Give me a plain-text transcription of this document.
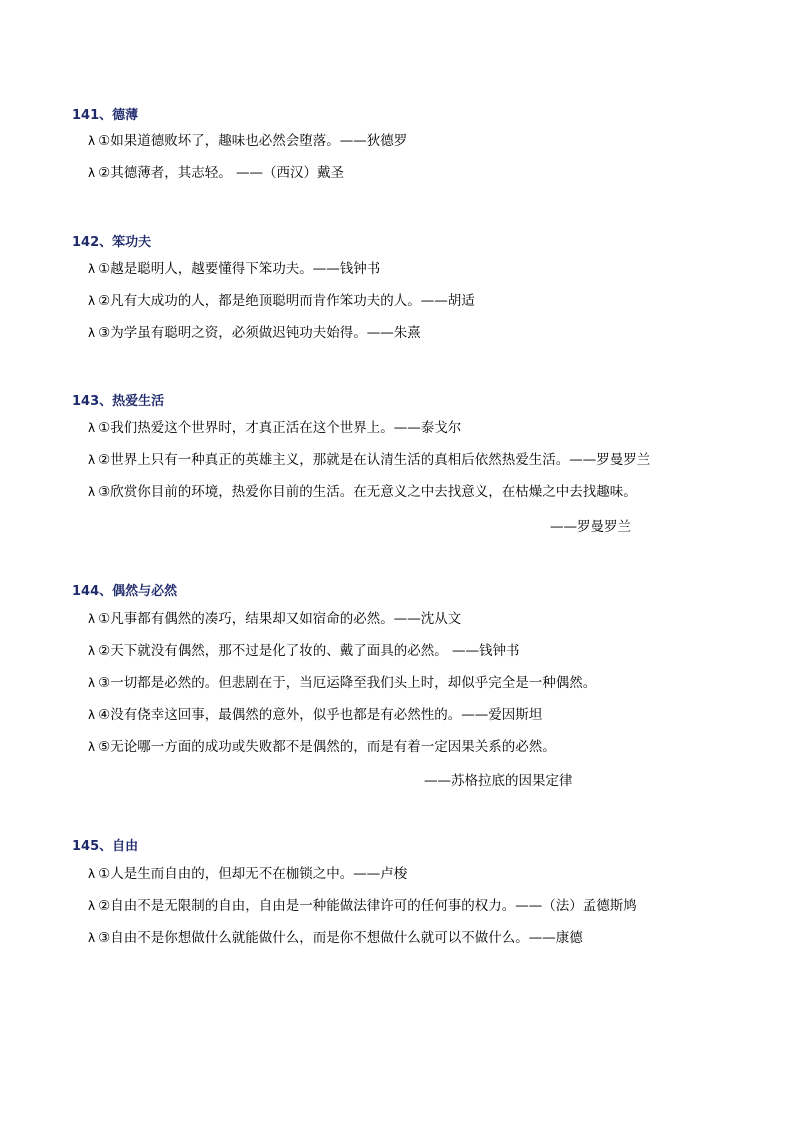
141、德薄
λ ①如果道德败坏了，趣味也必然会堕落。——狄德罗
λ ②其德薄者，其志轻。 ——（西汉）戴圣
142、笨功夫
λ ①越是聪明人，越要懂得下笨功夫。——钱钟书
λ ②凡有大成功的人，都是绝顶聪明而肯作笨功夫的人。——胡适
λ ③为学虽有聪明之资，必须做迟钝功夫始得。——朱熹
143、热爱生活
λ ①我们热爱这个世界时，才真正活在这个世界上。——泰戈尔
λ ②世界上只有一种真正的英雄主义，那就是在认清生活的真相后依然热爱生活。——罗曼罗兰
λ ③欣赏你目前的环境，热爱你目前的生活。在无意义之中去找意义，在枯燥之中去找趣味。
——罗曼罗兰
144、偶然与必然
λ ①凡事都有偶然的凑巧，结果却又如宿命的必然。——沈从文
λ ②天下就没有偶然，那不过是化了妆的、戴了面具的必然。 ——钱钟书
λ ③一切都是必然的。但悲剧在于，当厄运降至我们头上时，却似乎完全是一种偶然。
λ ④没有侥幸这回事，最偶然的意外，似乎也都是有必然性的。——爱因斯坦
λ ⑤无论哪一方面的成功或失败都不是偶然的，而是有着一定因果关系的必然。
——苏格拉底的因果定律
145、自由
λ ①人是生而自由的，但却无不在枷锁之中。——卢梭
λ ②自由不是无限制的自由，自由是一种能做法律许可的任何事的权力。——（法）孟德斯鸠
λ ③自由不是你想做什么就能做什么，而是你不想做什么就可以不做什么。——康德
